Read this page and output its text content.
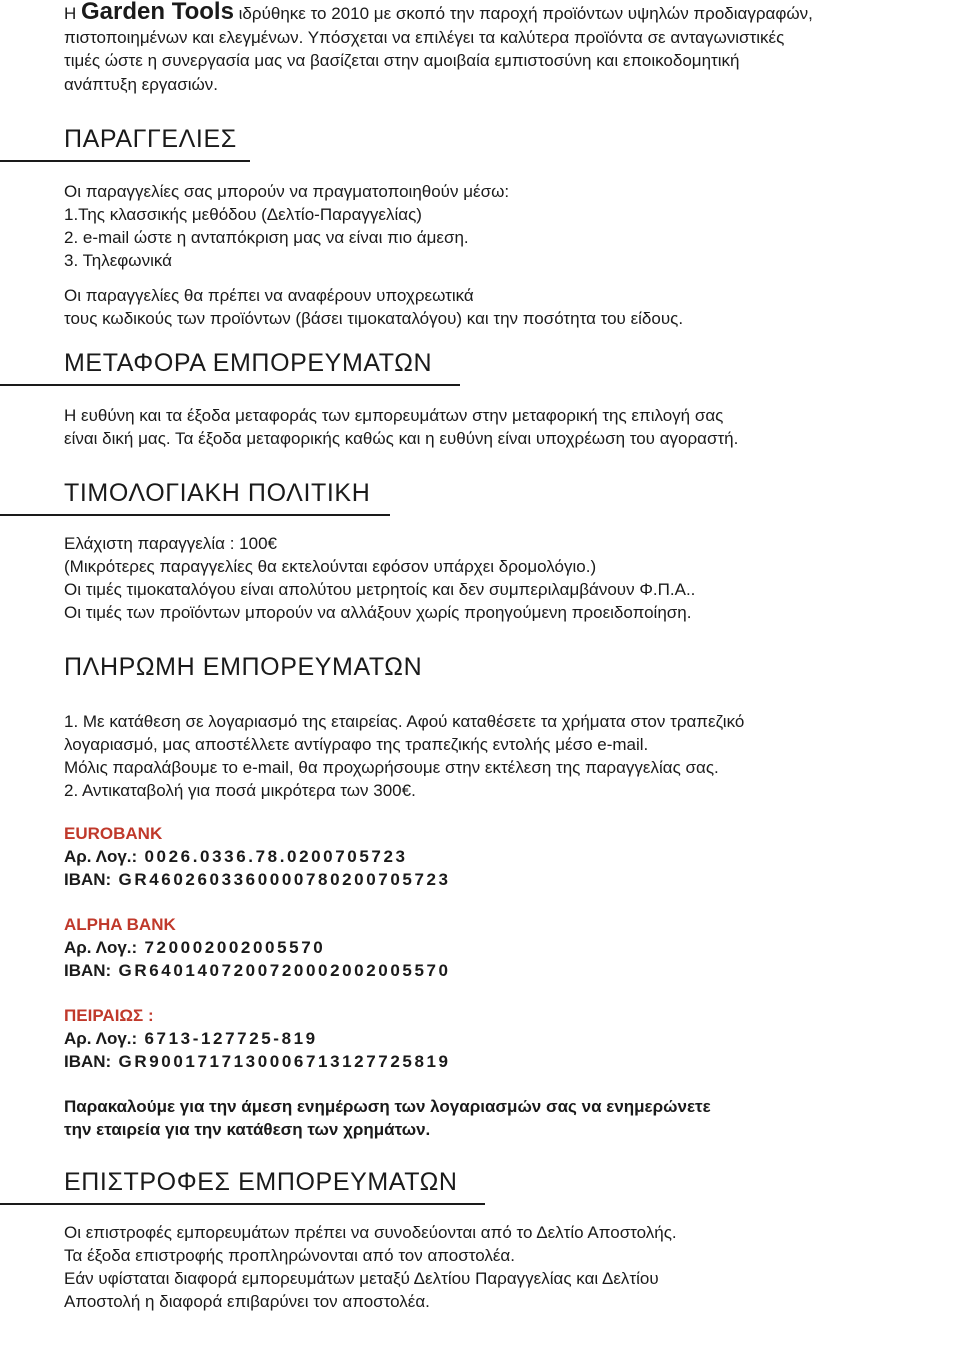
Η Garden Tools ιδρύθηκε το 2010 με σκοπό την παροχή προϊόντων υψηλών προδιαγραφών,
πιστοποιημένων και ελεγμένων. Υπόσχεται να επιλέγει τα καλύτερα προϊόντα σε ανταγωνιστικές
τιμές ώστε η συνεργασία μας να βασίζεται στην αμοιβαία εμπιστοσύνη και εποικοδομητική
ανάπτυξη εργασιών.
ΠΑΡΑΓΓΕΛΙΕΣ

Οι παραγγελίες σας μπορούν να πραγματοποιηθούν μέσω:

1.Της κλασσικής μεθόδου (Δελτίο-Παραγγελίας)

2. e-mail ώστε η ανταπόκριση μας να είναι πιο άμεση.

3. Τηλεφωνικά

Οι παραγγελίες θα πρέπει να αναφέρουν υποχρεωτικά

τους κωδικούς των προϊόντων (βάσει τιμοκαταλόγου) και την ποσότητα του είδους.

ΜΕΤΑΦΟΡΑ ΕΜΠΟΡΕΥΜΑΤΩΝ

Η ευθύνη και τα έξοδα μεταφοράς των εμπορευμάτων στην μεταφορική της επιλογή σας

είναι δική μας. Τα έξοδα μεταφορικής καθώς και η ευθύνη είναι υποχρέωση του αγοραστή.

ΤΙΜΟΛΟΓΙΑΚΗ ΠΟΛΙΤΙΚΗ

Ελάχιστη παραγγελία : 100€

(Μικρότερες παραγγελίες θα εκτελούνται εφόσον υπάρχει δρομολόγιο.)

Οι τιμές τιμοκαταλόγου είναι απολύτου μετρητοίς και δεν συμπεριλαμβάνουν Φ.Π.Α..

Οι τιμές των προϊόντων μπορούν να αλλάξουν χωρίς προηγούμενη προειδοποίηση.

ΠΛΗΡΩΜΗ ΕΜΠΟΡΕΥΜΑΤΩΝ

1. Με κατάθεση σε λογαριασμό της εταιρείας. Αφού καταθέσετε τα χρήματα στον τραπεζικό

λογαριασμό, μας αποστέλλετε αντίγραφο της τραπεζικής εντολής μέσο e-mail.

Μόλις παραλάβουμε το e-mail, θα προχωρήσουμε στην εκτέλεση της παραγγελίας σας.

2. Αντικαταβολή για ποσά μικρότερα των 300€.

EUROBANK

Αρ. Λογ.: 0026.0336.78.0200705723

IBAN: GR4602603360000780200705723

ALPHA BANK

Αρ. Λογ.: 720002002005570

IBAN: GR6401407200720002002005570

ΠΕΙΡΑΙΩΣ :

Αρ. Λογ.: 6713-127725-819

IBAN: GR9001717130006713127725819

Παρακαλούμε για την άμεση ενημέρωση των λογαριασμών σας να ενημερώνετε

την εταιρεία για την κατάθεση των χρημάτων.

ΕΠΙΣΤΡΟΦΕΣ ΕΜΠΟΡΕΥΜΑΤΩΝ

Οι επιστροφές εμπορευμάτων πρέπει να συνοδεύονται από το Δελτίο Αποστολής.

Τα έξοδα επιστροφής προπληρώνονται από τον αποστολέα.

Εάν υφίσταται διαφορά εμπορευμάτων μεταξύ Δελτίου Παραγγελίας και Δελτίου

Αποστολή η διαφορά επιβαρύνει τον αποστολέα.
